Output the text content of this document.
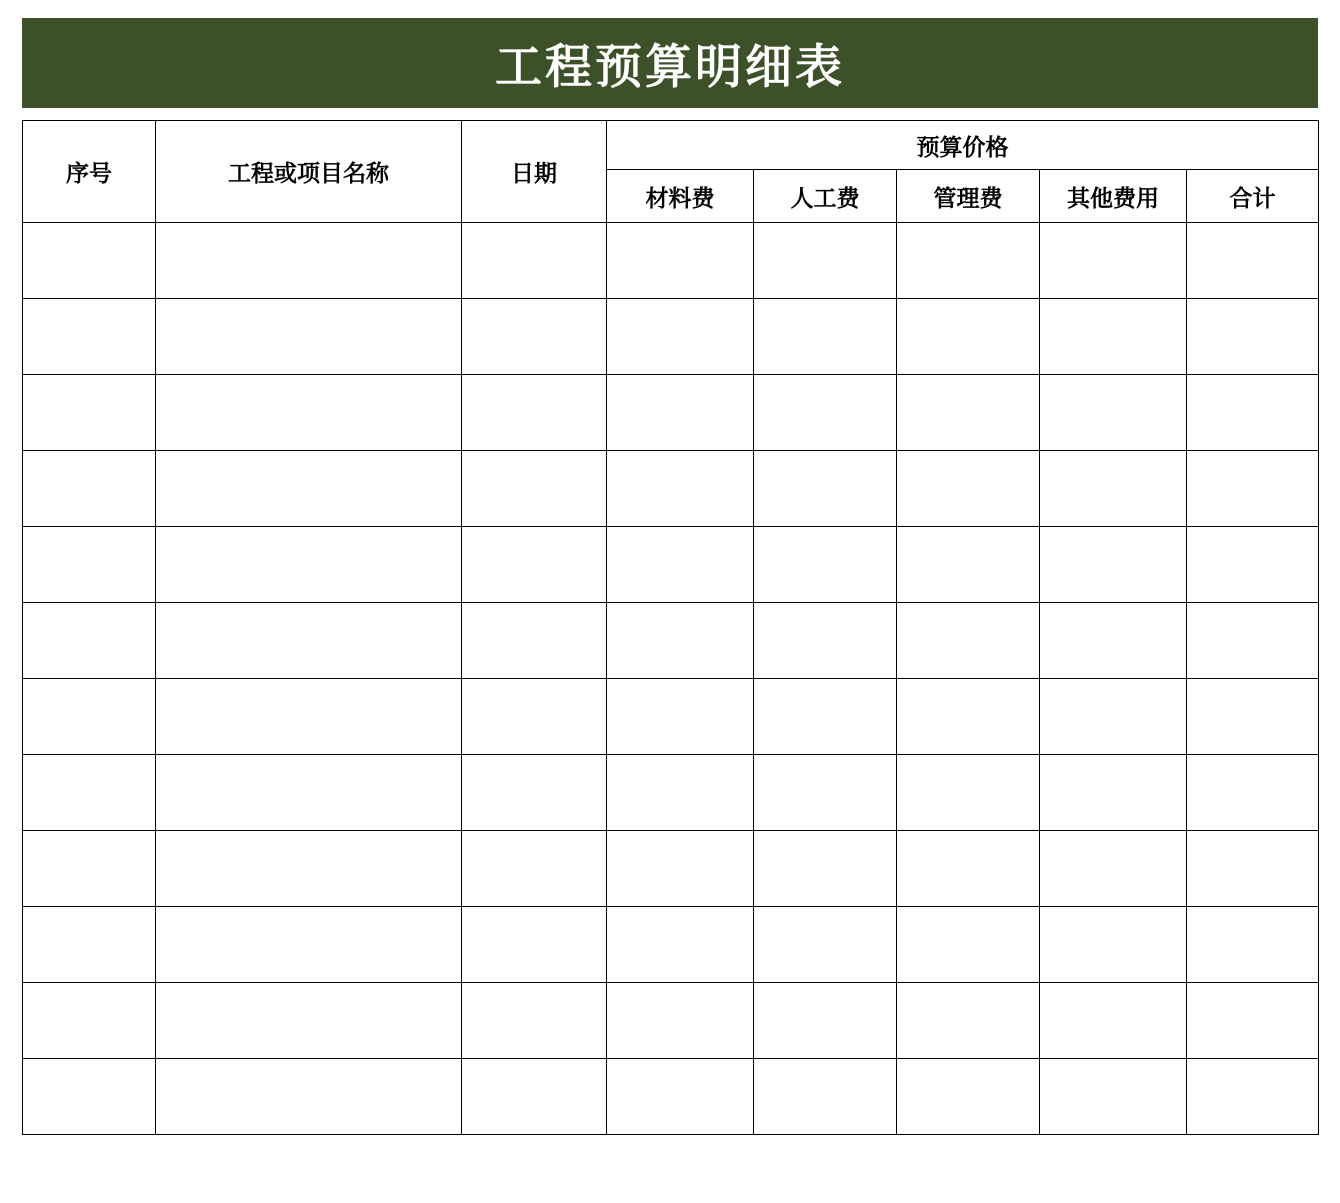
工程预算明细表
序号	工程或项目名称	日期	预算价格				
			材料费	人工费	管理费	其他费用	合计
